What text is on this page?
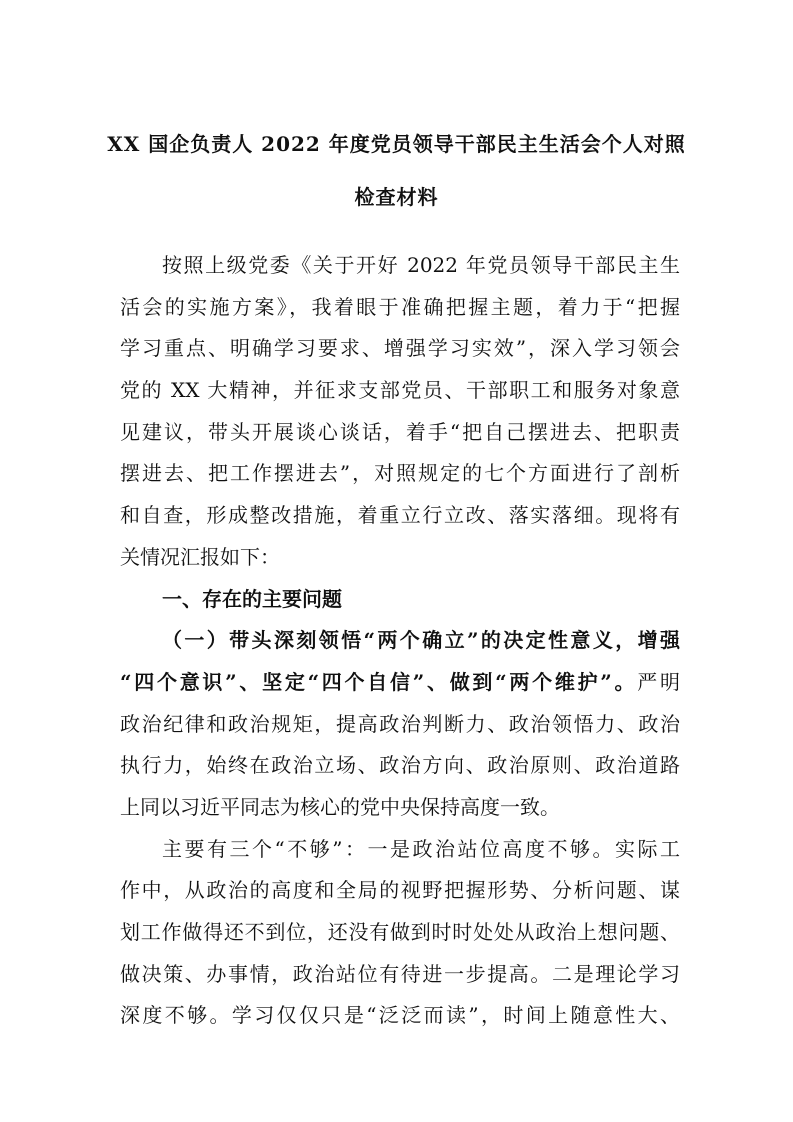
XX 国企负责人 2022 年度党员领导干部民主生活会个人对照
检查材料
按照上级党委《关于开好 2022 年党员领导干部民主生
活会的实施方案》，我着眼于准确把握主题，着力于“把握
学习重点、明确学习要求、增强学习实效”，深入学习领会
党的 XX 大精神，并征求支部党员、干部职工和服务对象意
见建议，带头开展谈心谈话，着手“把自己摆进去、把职责
摆进去、把工作摆进去”，对照规定的七个方面进行了剖析
和自查，形成整改措施，着重立行立改、落实落细。现将有
关情况汇报如下：
一、存在的主要问题
（一）带头深刻领悟“两个确立”的决定性意义，增强
“四个意识”、坚定“四个自信”、做到“两个维护”。严明
政治纪律和政治规矩，提高政治判断力、政治领悟力、政治
执行力，始终在政治立场、政治方向、政治原则、政治道路
上同以习近平同志为核心的党中央保持高度一致。
主要有三个“不够”：一是政治站位高度不够。实际工
作中，从政治的高度和全局的视野把握形势、分析问题、谋
划工作做得还不到位，还没有做到时时处处从政治上想问题、
做决策、办事情，政治站位有待进一步提高。二是理论学习
深度不够。学习仅仅只是“泛泛而读”，时间上随意性大、
